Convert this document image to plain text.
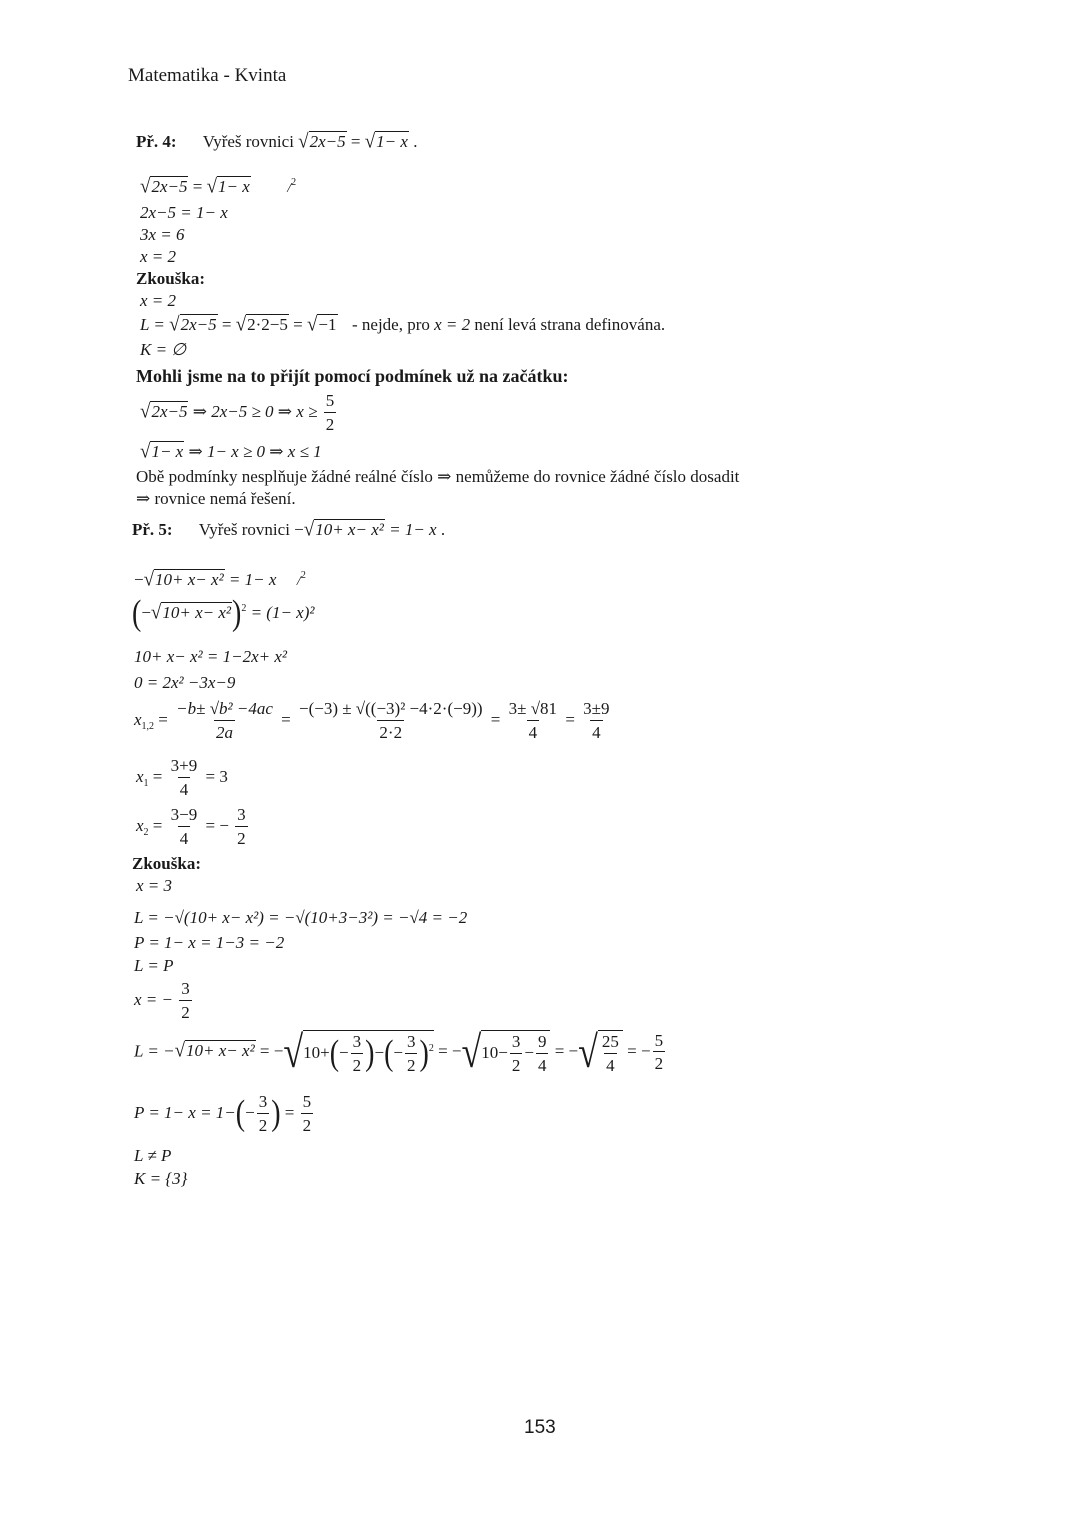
Matematika - Kvinta
Př. 4: Vyřeš rovnici √2x−5 = √1− x .
√2x−5 = √1− x	/$^2$
2x−5 = 1− x
3x = 6
x = 2
Zkouška:
x = 2
L = √2x−5 = √2·2−5 = √−1 - nejde, pro x = 2 není levá strana definována.
K = ∅
Mohli jsme na to přijít pomocí podmínek už na začátku:
√2x−5 ⇒ 2x−5 ≥ 0 ⇒ $x \ge \frac{5}{2}$
√1− x ⇒ 1− x ≥ 0 ⇒ x ≤ 1
Obě podmínky nesplňuje žádné reálné číslo ⇒ nemůžeme do rovnice žádné číslo dosadit
⇒ rovnice nemá řešení.
Př. 5: Vyřeš rovnici −√10+ x− x² = 1− x .
−√10+ x− x² = 1− x /$^2$
$(-√10+ x- x^2)^2 = (1- x)^2$
10+ x− x² = 1−2x+ x²
0 = 2x² −3x−9
$x_{1,2} = \frac{\text{−b± √b² −4ac}}{2a} = \frac{\text{−(−3) ± √((−3)² −4·2·(−9))}}{2\cdot 2} = \frac{3\pm √81}{4} = \frac{3\pm 9}{4}$
$x_1 = \frac{3+9}{4} = 3$
$x_2 = \frac{3-9}{4}$ = − $\frac{3}{2}$
Zkouška:
x = 3
L = −√(10+ x− x²) = −√(10+3−3²) = −√4 = −2
P = 1− x = 1−3 = −2
L = P
x = − $\frac{3}{2}$
$L = -√10+ x- x^2 = -√10+(- \frac{3}{2}$ )−(− $\frac{3}{2} )^2 = -√10- \frac{3}{2} - \frac{9}{4}$ = −√ $\frac{25}{4}$ = − $\frac{5}{2}$
$P = 1- x = 1-(- \frac{3}{2}$ ) = $\frac{5}{2}$
L ≠ P
K = {3}
153
